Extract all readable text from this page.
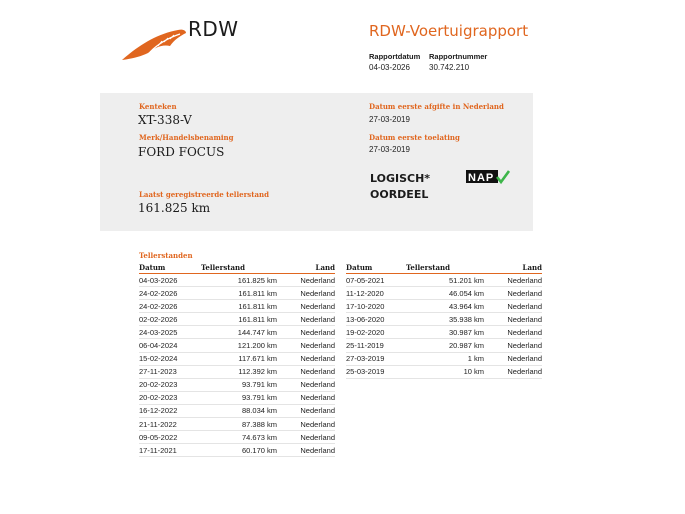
RDW	RDW-Voertuigrapport
Rapportdatum Rapportnummer
04-03-2026 30.742.210
Kenteken
XT-338-V
Merk/Handelsbenaming
FORD FOCUS
Laatst geregistreerde tellerstand
161.825 km
Datum eerste afgifte in Nederland
27-03-2019
Datum eerste toelating
27-03-2019
LOGISCH*
OORDEEL
NAP
Tellerstanden
Datum	Tellerstand	Land
04-03-2026	161.825 km	Nederland
24-02-2026	161.811 km	Nederland
24-02-2026	161.811 km	Nederland
02-02-2026	161.811 km	Nederland
24-03-2025	144.747 km	Nederland
06-04-2024	121.200 km	Nederland
15-02-2024	117.671 km	Nederland
27-11-2023	112.392 km	Nederland
20-02-2023	93.791 km	Nederland
20-02-2023	93.791 km	Nederland
16-12-2022	88.034 km	Nederland
21-11-2022	87.388 km	Nederland
09-05-2022	74.673 km	Nederland
17-11-2021	60.170 km	Nederland
Datum	Tellerstand	Land
07-05-2021	51.201 km	Nederland
11-12-2020	46.054 km	Nederland
17-10-2020	43.964 km	Nederland
13-06-2020	35.938 km	Nederland
19-02-2020	30.987 km	Nederland
25-11-2019	20.987 km	Nederland
27-03-2019	1 km	Nederland
25-03-2019	10 km	Nederland
